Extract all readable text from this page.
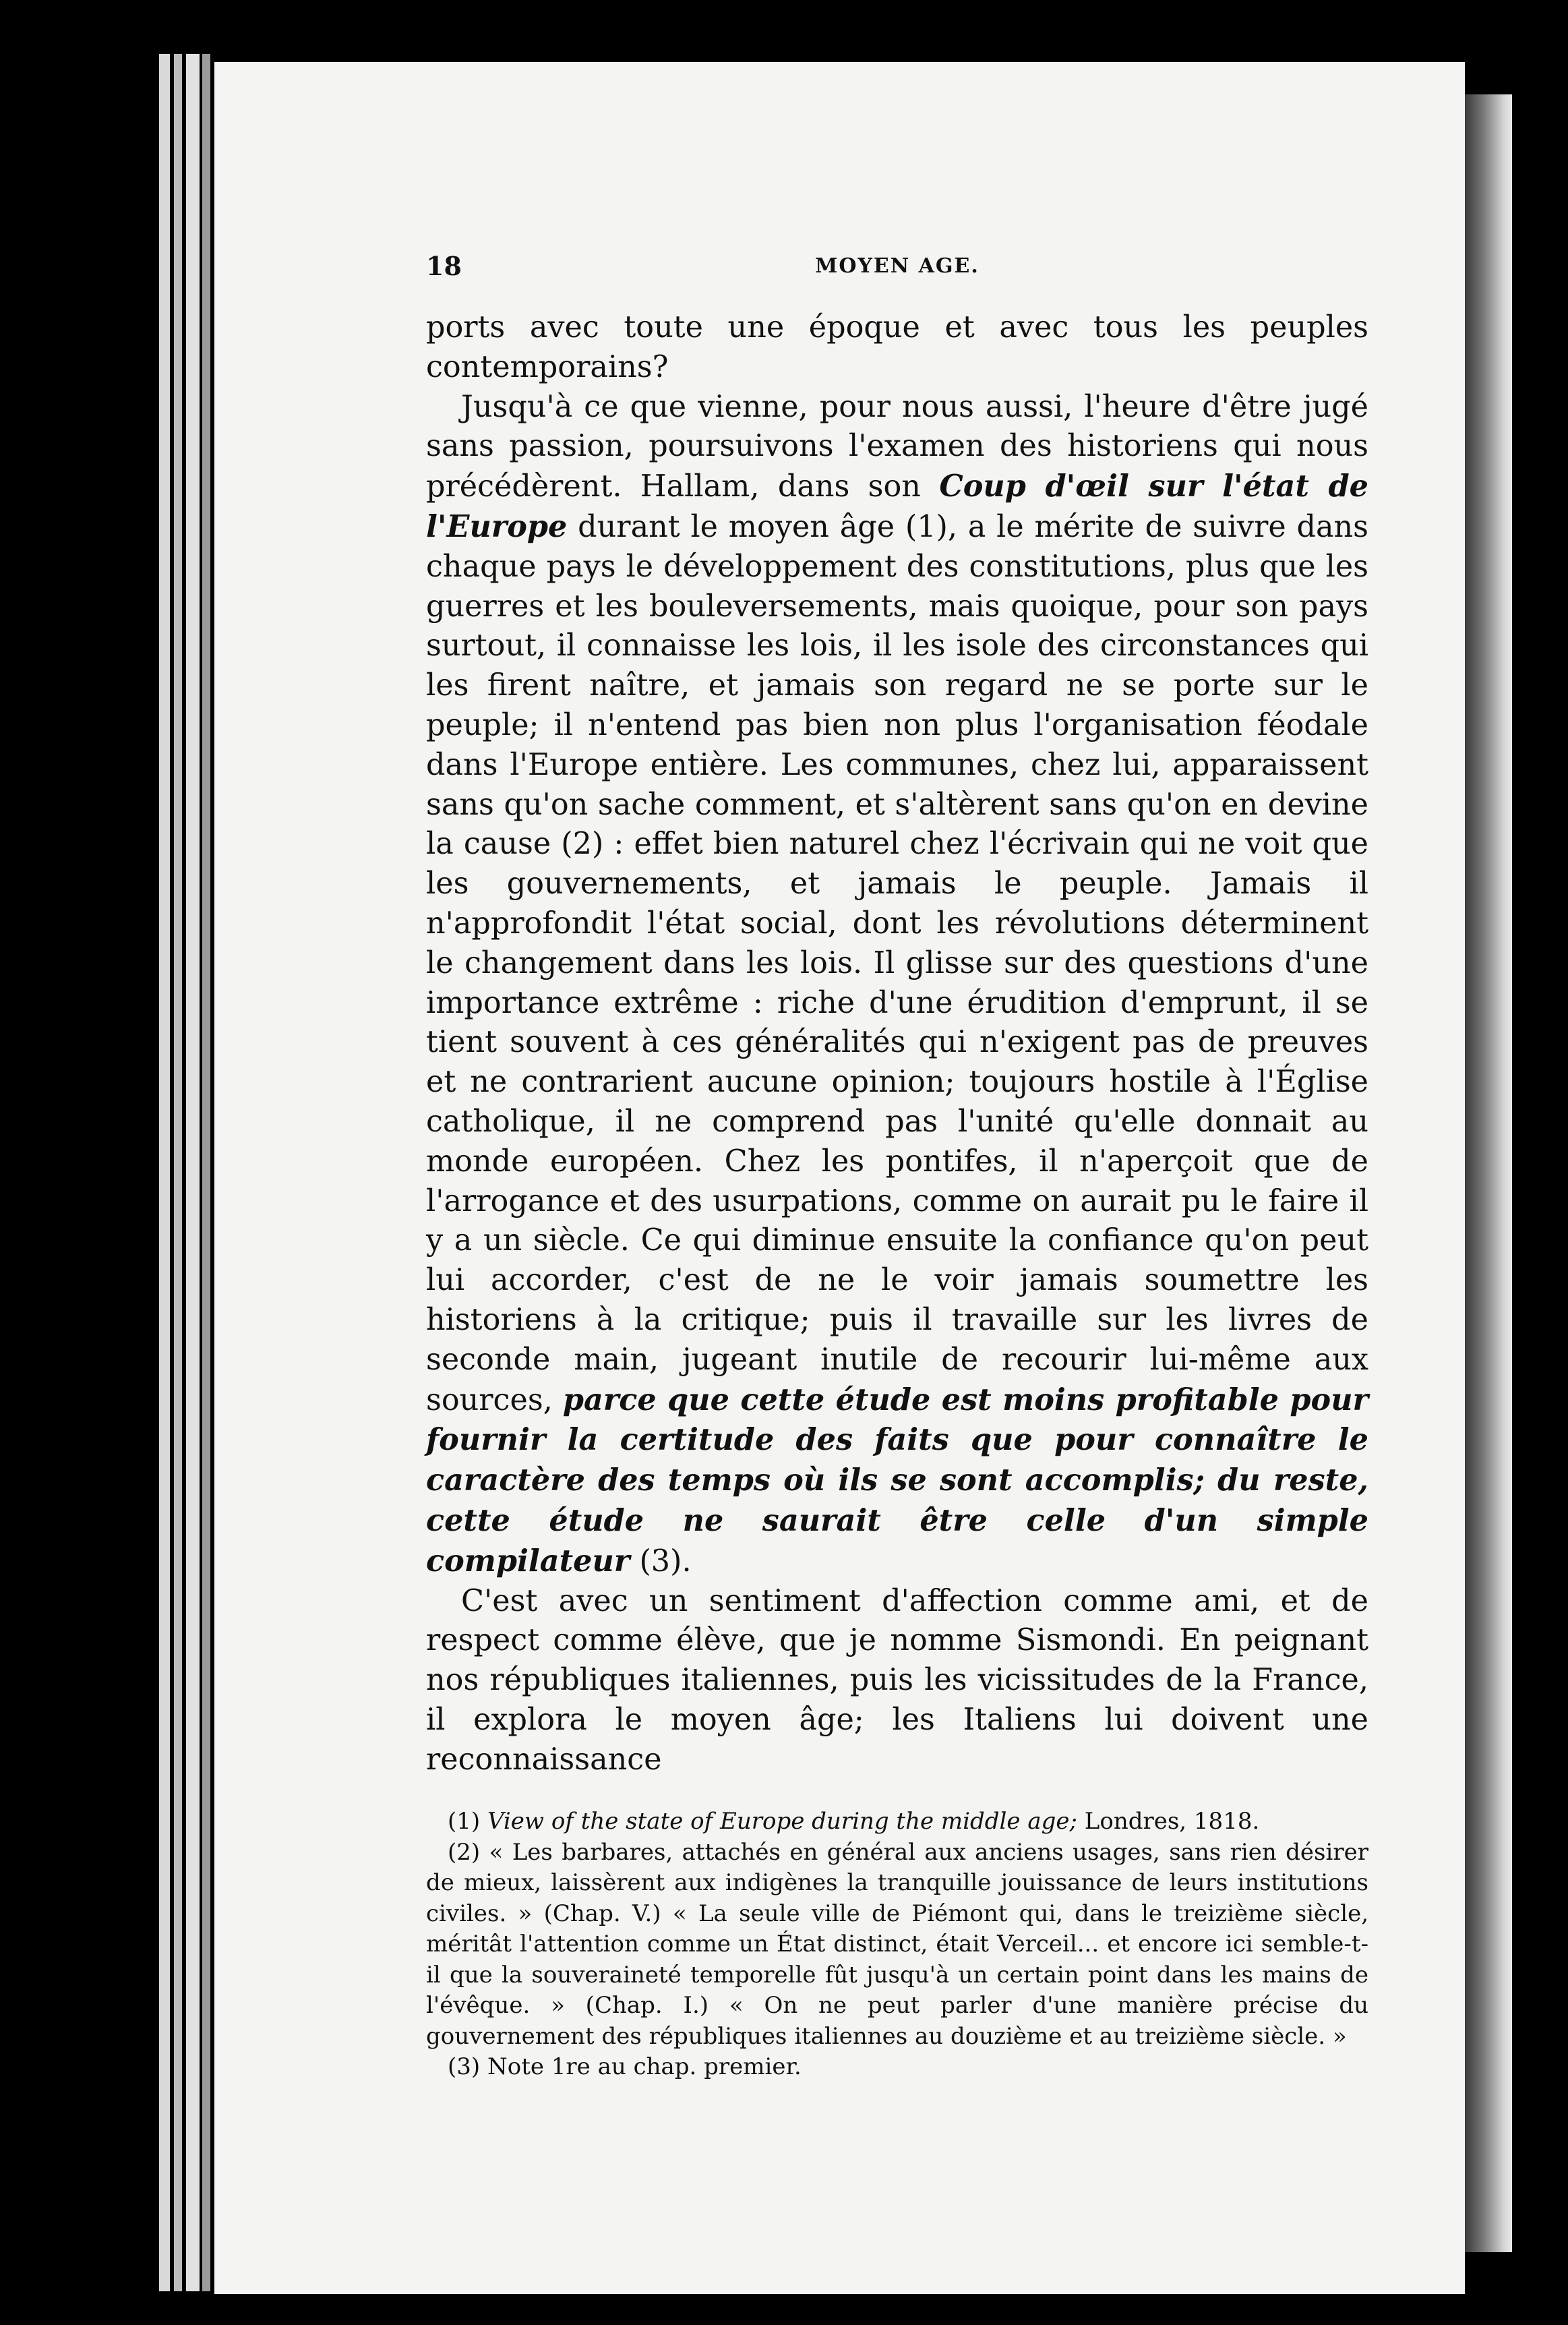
18	MOYEN AGE.

ports avec toute une époque et avec tous les peuples contemporains?

Jusqu'à ce que vienne, pour nous aussi, l'heure d'être jugé sans passion, poursuivons l'examen des historiens qui nous précédèrent. Hallam, dans son Coup d'œil sur l'état de l'Europe durant le moyen âge (1), a le mérite de suivre dans chaque pays le développement des constitutions, plus que les guerres et les bouleversements, mais quoique, pour son pays surtout, il connaisse les lois, il les isole des circonstances qui les firent naître, et jamais son regard ne se porte sur le peuple; il n'entend pas bien non plus l'organisation féodale dans l'Europe entière. Les communes, chez lui, apparaissent sans qu'on sache comment, et s'altèrent sans qu'on en devine la cause (2) : effet bien naturel chez l'écrivain qui ne voit que les gouvernements, et jamais le peuple. Jamais il n'approfondit l'état social, dont les révolutions déterminent le changement dans les lois. Il glisse sur des questions d'une importance extrême : riche d'une érudition d'emprunt, il se tient souvent à ces généralités qui n'exigent pas de preuves et ne contrarient aucune opinion; toujours hostile à l'Église catholique, il ne comprend pas l'unité qu'elle donnait au monde européen. Chez les pontifes, il n'aperçoit que de l'arrogance et des usurpations, comme on aurait pu le faire il y a un siècle. Ce qui diminue ensuite la confiance qu'on peut lui accorder, c'est de ne le voir jamais soumettre les historiens à la critique; puis il travaille sur les livres de seconde main, jugeant inutile de recourir lui-même aux sources, parce que cette étude est moins profitable pour fournir la certitude des faits que pour connaître le caractère des temps où ils se sont accomplis; du reste, cette étude ne saurait être celle d'un simple compilateur (3).

C'est avec un sentiment d'affection comme ami, et de respect comme élève, que je nomme Sismondi. En peignant nos républiques italiennes, puis les vicissitudes de la France, il explora le moyen âge; les Italiens lui doivent une reconnaissance

(1) View of the state of Europe during the middle age; Londres, 1818.

(2) « Les barbares, attachés en général aux anciens usages, sans rien désirer de mieux, laissèrent aux indigènes la tranquille jouissance de leurs institutions civiles. » (Chap. V.) « La seule ville de Piémont qui, dans le treizième siècle, méritât l'attention comme un État distinct, était Verceil... et encore ici semble-t-il que la souveraineté temporelle fût jusqu'à un certain point dans les mains de l'évêque. » (Chap. I.) « On ne peut parler d'une manière précise du gouvernement des républiques italiennes au douzième et au treizième siècle. »

(3) Note 1re au chap. premier.
